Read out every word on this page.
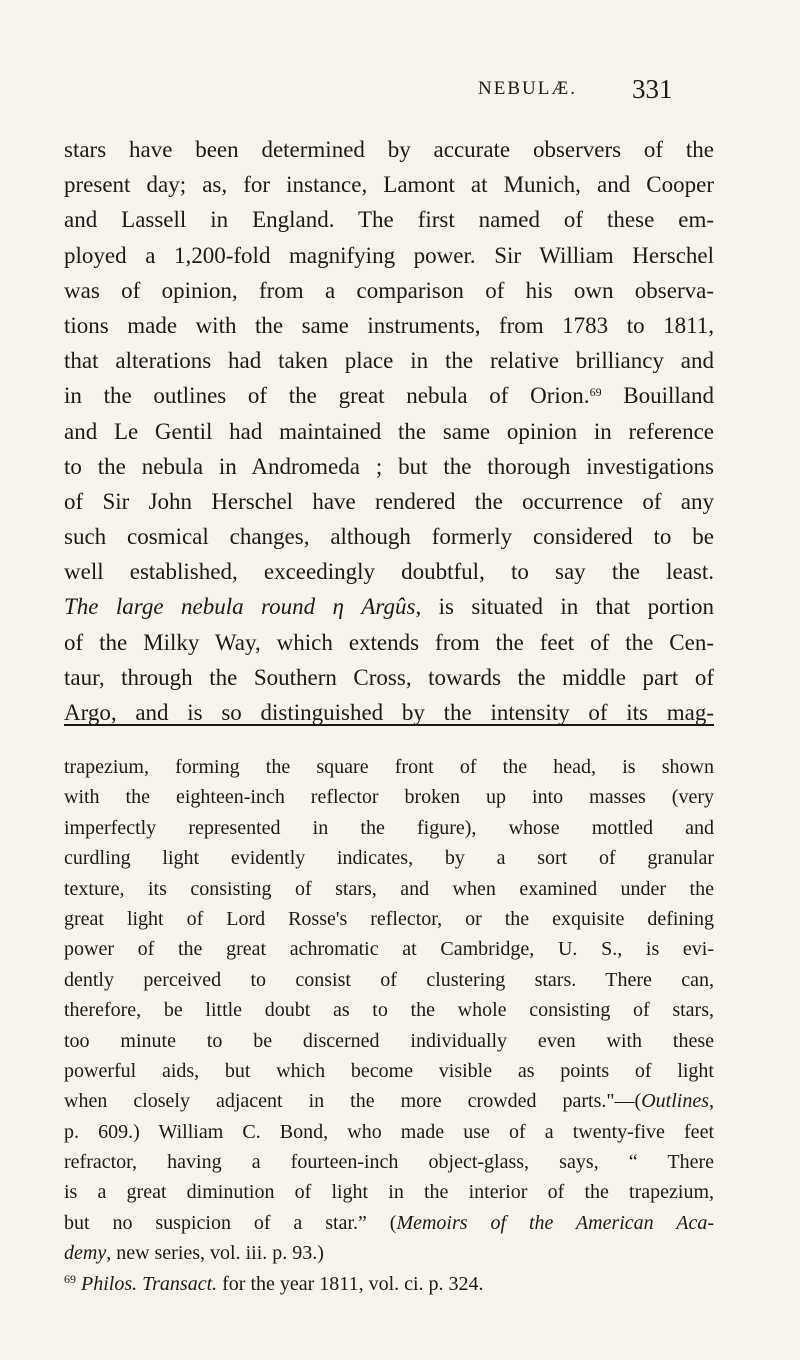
NEBULÆ. 331
stars have been determined by accurate observers of the
present day; as, for instance, Lamont at Munich, and Cooper
and Lassell in England. The first named of these em-
ployed a 1,200-fold magnifying power. Sir William Herschel
was of opinion, from a comparison of his own observa-
tions made with the same instruments, from 1783 to 1811,
that alterations had taken place in the relative brilliancy and
in the outlines of the great nebula of Orion.$^{69}$ Bouilland
and Le Gentil had maintained the same opinion in reference
to the nebula in Andromeda ; but the thorough investigations
of Sir John Herschel have rendered the occurrence of any
such cosmical changes, although formerly considered to be
well established, exceedingly doubtful, to say the least.
The large nebula round η Argûs, is situated in that portion
of the Milky Way, which extends from the feet of the Cen-
taur, through the Southern Cross, towards the middle part of
Argo, and is so distinguished by the intensity of its mag-
trapezium, forming the square front of the head, is shown
with the eighteen-inch reflector broken up into masses (very
imperfectly represented in the figure), whose mottled and
curdling light evidently indicates, by a sort of granular
texture, its consisting of stars, and when examined under the
great light of Lord Rosse's reflector, or the exquisite defining
power of the great achromatic at Cambridge, U. S., is evi-
dently perceived to consist of clustering stars. There can,
therefore, be little doubt as to the whole consisting of stars,
too minute to be discerned individually even with these
powerful aids, but which become visible as points of light
when closely adjacent in the more crowded parts."—(Outlines,
p. 609.) William C. Bond, who made use of a twenty-five feet
refractor, having a fourteen-inch object-glass, says, “ There
is a great diminution of light in the interior of the trapezium,
but no suspicion of a star.” (Memoirs of the American Aca-
demy, new series, vol. iii. p. 93.)
$^{69}$ Philos. Transact. for the year 1811, vol. ci. p. 324.
